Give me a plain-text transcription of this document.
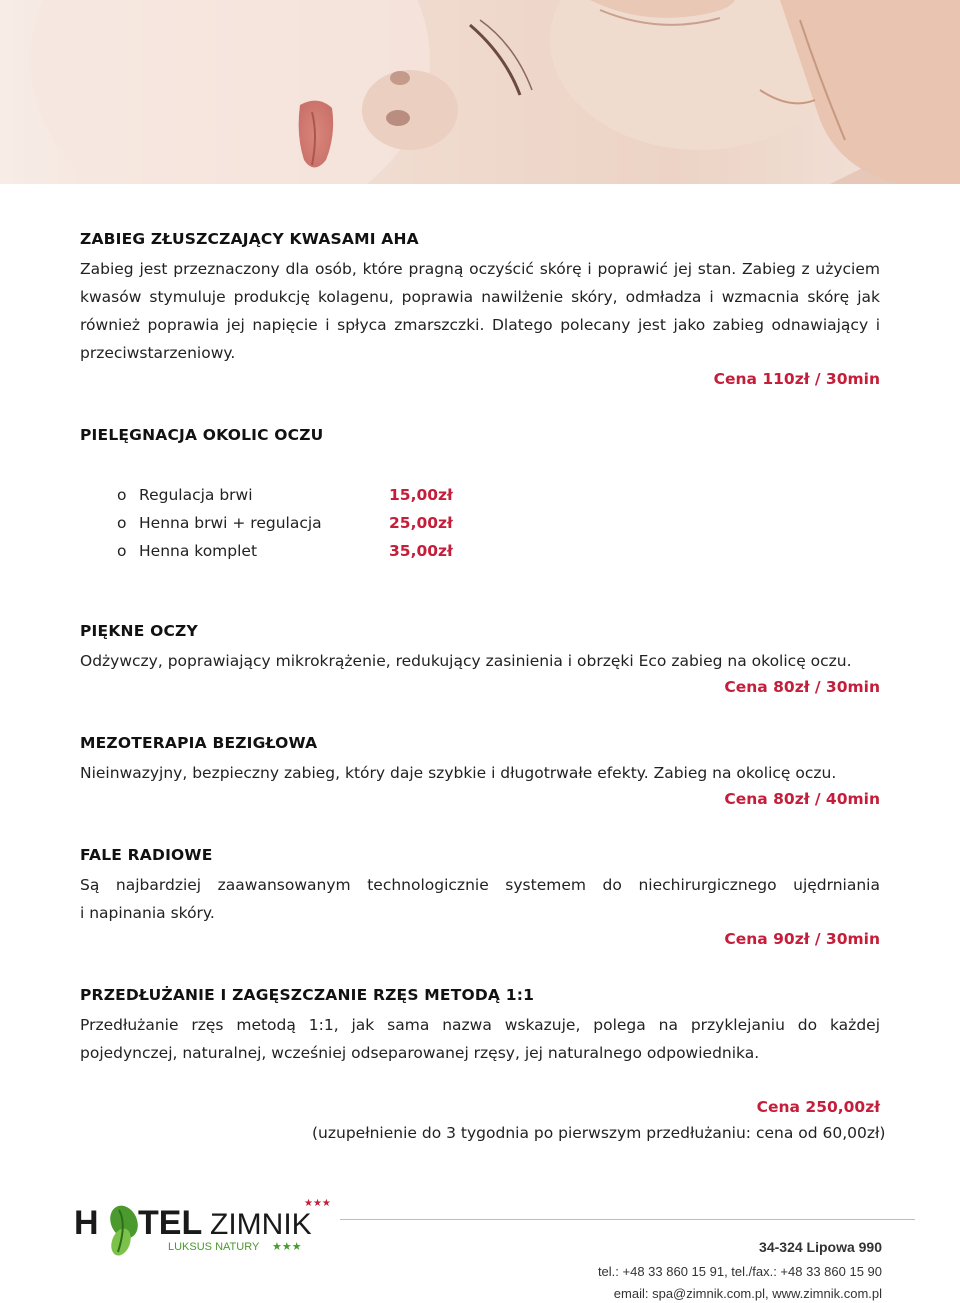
ZABIEG ZŁUSZCZAJĄCY KWASAMI AHA
Zabieg jest przeznaczony dla osób, które pragną oczyścić skórę i poprawić jej stan. Zabieg z użyciem kwasów stymuluje produkcję kolagenu, poprawia nawilżenie skóry, odmładza i wzmacnia skórę jak również poprawia jej napięcie i spłyca zmarszczki. Dlatego polecany jest jako zabieg odnawiający i przeciwstarzeniowy.
Cena 110zł / 30min
PIELĘGNACJA OKOLIC OCZU
o Regulacja brwi	15,00zł
o Henna brwi + regulacja	25,00zł
o Henna komplet	35,00zł
PIĘKNE OCZY
Odżywczy, poprawiający mikrokrążenie, redukujący zasinienia i obrzęki Eco zabieg na okolicę oczu.
Cena 80zł / 30min
MEZOTERAPIA BEZIGŁOWA
Nieinwazyjny, bezpieczny zabieg, który daje szybkie i długotrwałe efekty. Zabieg na okolicę oczu.
Cena 80zł / 40min
FALE RADIOWE
Są najbardziej zaawansowanym technologicznie systemem do niechirurgicznego ujędrniania
i napinania skóry.
Cena 90zł / 30min
PRZEDŁUŻANIE I ZAGĘSZCZANIE RZĘS METODĄ 1:1
Przedłużanie rzęs metodą 1:1, jak sama nazwa wskazuje, polega na przyklejaniu do każdej
pojedynczej, naturalnej, wcześniej odseparowanej rzęsy, jej naturalnego odpowiednika.
Cena 250,00zł
(uzupełnienie do 3 tygodnia po pierwszym przedłużaniu: cena od 60,00zł)
H TEL ZIMNIK
★★★
LUKSUS NATURY ★★★	34-324 Lipowa 990
tel.: +48 33 860 15 91, tel./fax.: +48 33 860 15 90
email: spa@zimnik.com.pl, www.zimnik.com.pl
